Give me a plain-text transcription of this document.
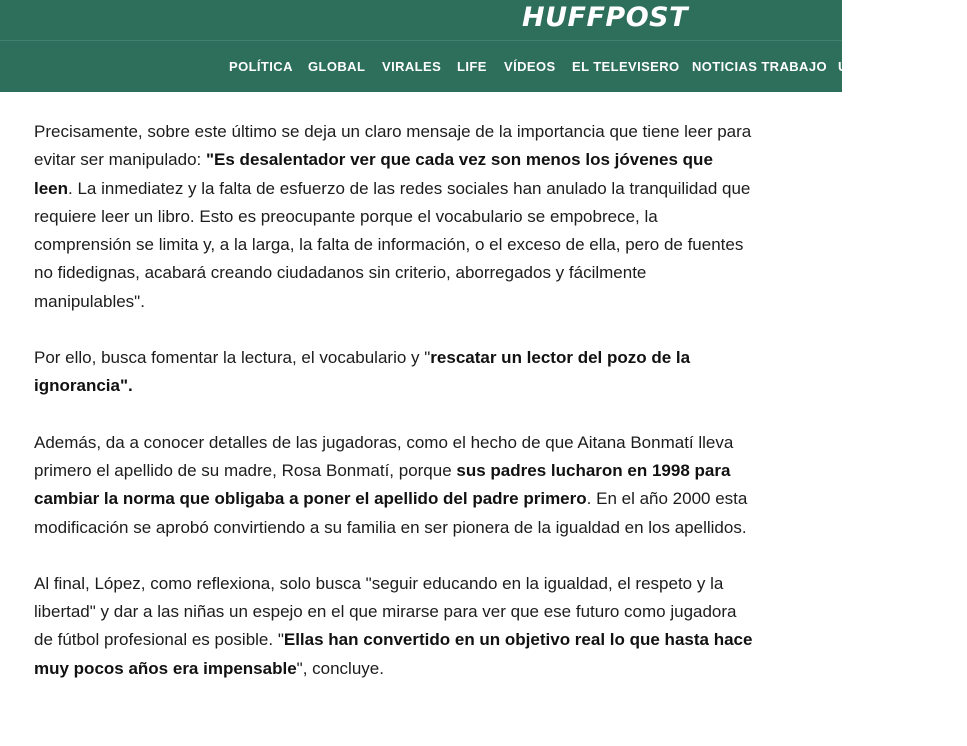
HUFFPOST
POLÍTICA GLOBAL VIRALES LIFE VÍDEOS EL TELEVISERO NOTICIAS TRABAJO ÚLTIMAS NOTICIAS

Precisamente, sobre este último se deja un claro mensaje de la importancia que tiene leer para evitar ser manipulado: "Es desalentador ver que cada vez son menos los jóvenes que leen. La inmediatez y la falta de esfuerzo de las redes sociales han anulado la tranquilidad que requiere leer un libro. Esto es preocupante porque el vocabulario se empobrece, la comprensión se limita y, a la larga, la falta de información, o el exceso de ella, pero de fuentes no fidedignas, acabará creando ciudadanos sin criterio, aborregados y fácilmente manipulables".

Por ello, busca fomentar la lectura, el vocabulario y "rescatar un lector del pozo de la ignorancia".

Además, da a conocer detalles de las jugadoras, como el hecho de que Aitana Bonmatí lleva primero el apellido de su madre, Rosa Bonmatí, porque sus padres lucharon en 1998 para cambiar la norma que obligaba a poner el apellido del padre primero. En el año 2000 esta modificación se aprobó convirtiendo a su familia en ser pionera de la igualdad en los apellidos.

Al final, López, como reflexiona, solo busca "seguir educando en la igualdad, el respeto y la libertad" y dar a las niñas un espejo en el que mirarse para ver que ese futuro como jugadora de fútbol profesional es posible. "Ellas han convertido en un objetivo real lo que hasta hace muy pocos años era impensable", concluye.
